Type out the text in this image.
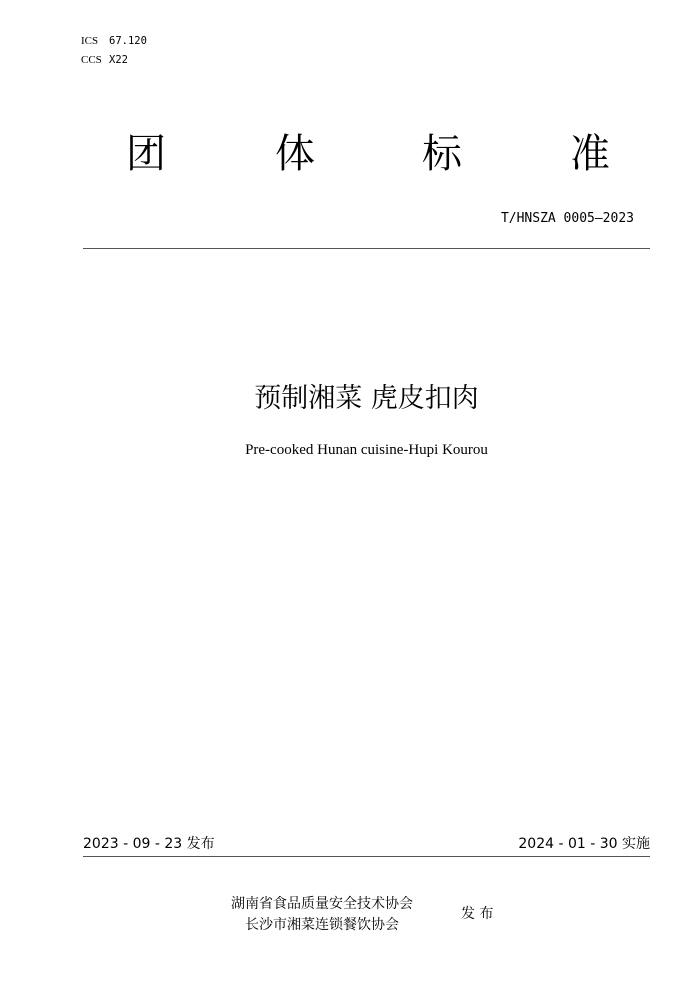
ICS 67.120
CCS X22
团	体	标	准
T/HNSZA 0005—2023
预制湘菜 虎皮扣肉
Pre-cooked Hunan cuisine-Hupi Kourou
2023 - 09 - 23 发布	2024 - 01 - 30 实施
湖南省食品质量安全技术协会
长沙市湘菜连锁餐饮协会
发 布
